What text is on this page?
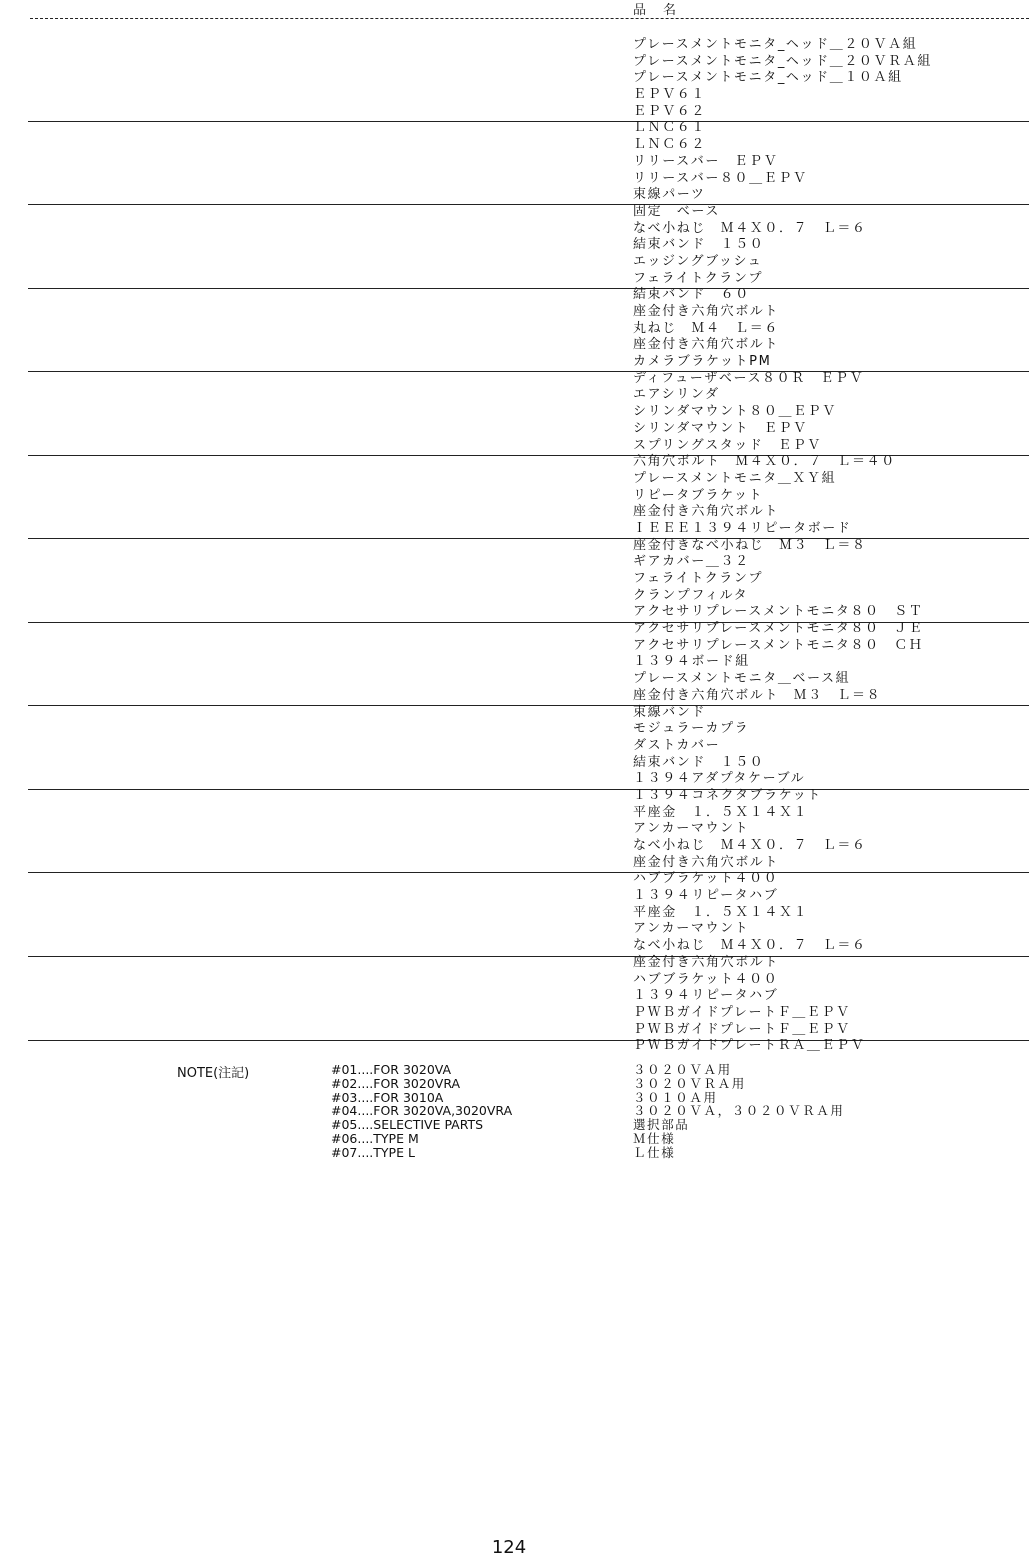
品　名
プレースメントモニタ_ヘッド＿２０ＶＡ組
プレースメントモニタ_ヘッド＿２０ＶＲＡ組
プレースメントモニタ_ヘッド＿１０Ａ組
ＥＰＶ６１
ＥＰＶ６２
ＬＮＣ６１
ＬＮＣ６２
リリースバー　ＥＰＶ
リリースバー８０＿ＥＰＶ
束線パーツ
固定　ベース
なべ小ねじ　Ｍ４Ｘ０．７　Ｌ＝６
結束バンド　１５０
エッジングブッシュ
フェライトクランプ
結束バンド　６０
座金付き六角穴ボルト
丸ねじ　Ｍ４　Ｌ＝６
座金付き六角穴ボルト
カメラブラケットPM
ディフューザベース８０Ｒ　ＥＰＶ
エアシリンダ
シリンダマウント８０＿ＥＰＶ
シリンダマウント　ＥＰＶ
スプリングスタッド　ＥＰＶ
六角穴ボルト　Ｍ４Ｘ０．７　Ｌ＝４０
プレースメントモニタ＿ＸＹ組
リピータブラケット
座金付き六角穴ボルト
ＩＥＥＥ１３９４リピータボード
座金付きなべ小ねじ　Ｍ３　Ｌ＝８
ギアカバー＿３２
フェライトクランプ
クランプフィルタ
アクセサリプレースメントモニタ８０　ＳＴ
アクセサリプレースメントモニタ８０　ＪＥ
アクセサリプレースメントモニタ８０　ＣＨ
１３９４ボード組
プレースメントモニタ＿ベース組
座金付き六角穴ボルト　Ｍ３　Ｌ＝８
束線バンド
モジュラーカプラ
ダストカバー
結束バンド　１５０
１３９４アダプタケーブル
１３９４コネクタブラケット
平座金　１．５Ｘ１４Ｘ１
アンカーマウント
なべ小ねじ　Ｍ４Ｘ０．７　Ｌ＝６
座金付き六角穴ボルト
ハブブラケット４００
１３９４リピータハブ
平座金　１．５Ｘ１４Ｘ１
アンカーマウント
なべ小ねじ　Ｍ４Ｘ０．７　Ｌ＝６
座金付き六角穴ボルト
ハブブラケット４００
１３９４リピータハブ
ＰＷＢガイドプレートＦ＿ＥＰＶ
ＰＷＢガイドプレートＦ＿ＥＰＶ
ＰＷＢガイドプレートＲＡ＿ＥＰＶ
NOTE(注記)	#01....FOR 3020VA
#02....FOR 3020VRA
#03....FOR 3010A
#04....FOR 3020VA,3020VRA
#05....SELECTIVE PARTS
#06....TYPE M
#07....TYPE L
３０２０ＶＡ用
３０２０ＶＲＡ用
３０１０Ａ用
３０２０ＶＡ，３０２０ＶＲＡ用
選択部品
Ｍ仕様
Ｌ仕様
124
